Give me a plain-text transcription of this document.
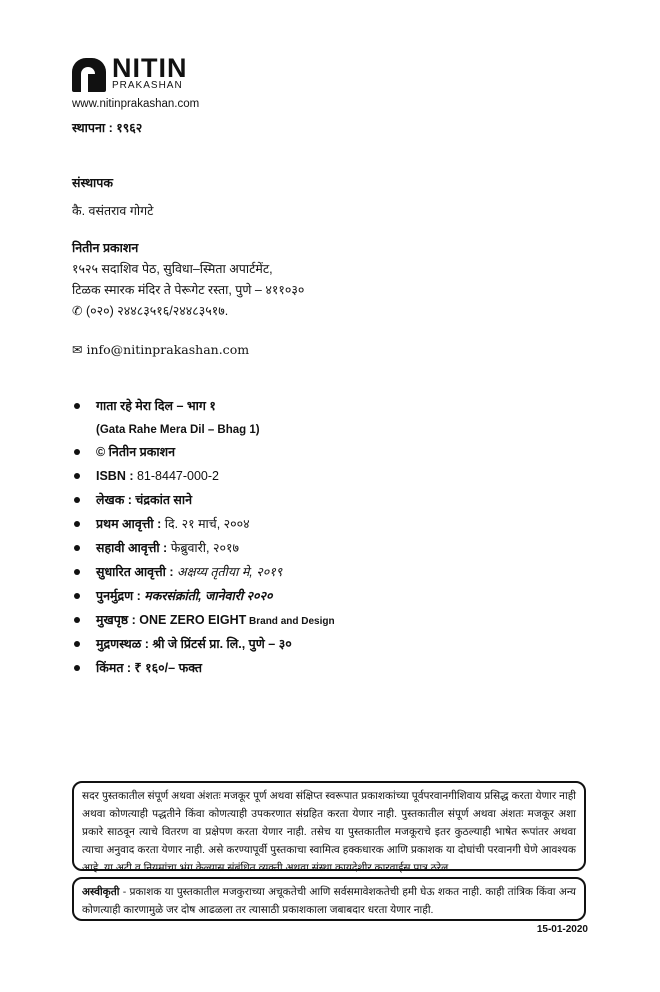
NITIN
PRAKASHAN
www.nitinprakashan.com
स्थापना : १९६२
संस्थापक
कै. वसंतराव गोगटे
नितीन प्रकाशन
१५२५ सदाशिव पेठ, सुविधा–स्मिता अपार्टमेंट,
टिळक स्मारक मंदिर ते पेरूगेट रस्ता, पुणे – ४११०३०
✆ (०२०) २४४८३५१६/२४४८३५१७.
✉ info@nitinprakashan.com
गाता रहे मेरा दिल – भाग १
(Gata Rahe Mera Dil – Bhag 1)
© नितीन प्रकाशन
ISBN : 81-8447-000-2
लेखक : चंद्रकांत साने
प्रथम आवृत्ती : दि. २१ मार्च, २००४
सहावी आवृत्ती : फेब्रुवारी, २०१७
सुधारित आवृत्ती : अक्षय्य तृतीया मे, २०१९
पुनर्मुद्रण : मकरसंक्रांती, जानेवारी २०२०
मुखपृष्ठ : ONE ZERO EIGHT Brand and Design
मुद्रणस्थळ : श्री जे प्रिंटर्स प्रा. लि., पुणे – ३०
किंमत : ₹ १६०/– फक्त
सदर पुस्तकातील संपूर्ण अथवा अंशतः मजकूर पूर्ण अथवा संक्षिप्त स्वरूपात प्रकाशकांच्या पूर्वपरवानगीशिवाय प्रसिद्ध करता येणार नाही अथवा कोणत्याही पद्धतीने किंवा कोणत्याही उपकरणात संग्रहित करता येणार नाही. पुस्तकातील संपूर्ण अथवा अंशतः मजकूर अशा प्रकारे साठवून त्याचे वितरण वा प्रक्षेपण करता येणार नाही. तसेच या पुस्तकातील मजकूराचे इतर कुठल्याही भाषेत रूपांतर अथवा त्याचा अनुवाद करता येणार नाही. असे करण्यापूर्वी पुस्तकाचा स्वामित्व हक्कधारक आणि प्रकाशक या दोघांची परवानगी घेणे आवश्यक आहे. या अटी व नियमांचा भंग केल्यास संबंधित व्यक्ती अथवा संस्था कायदेशीर कारवाईस पात्र ठरेल.
अस्वीकृती - प्रकाशक या पुस्तकातील मजकुराच्या अचूकतेची आणि सर्वसमावेशकतेची हमी घेऊ शकत नाही. काही तांत्रिक किंवा अन्य कोणत्याही कारणामुळे जर दोष आढळला तर त्यासाठी प्रकाशकाला जबाबदार धरता येणार नाही.
15-01-2020
